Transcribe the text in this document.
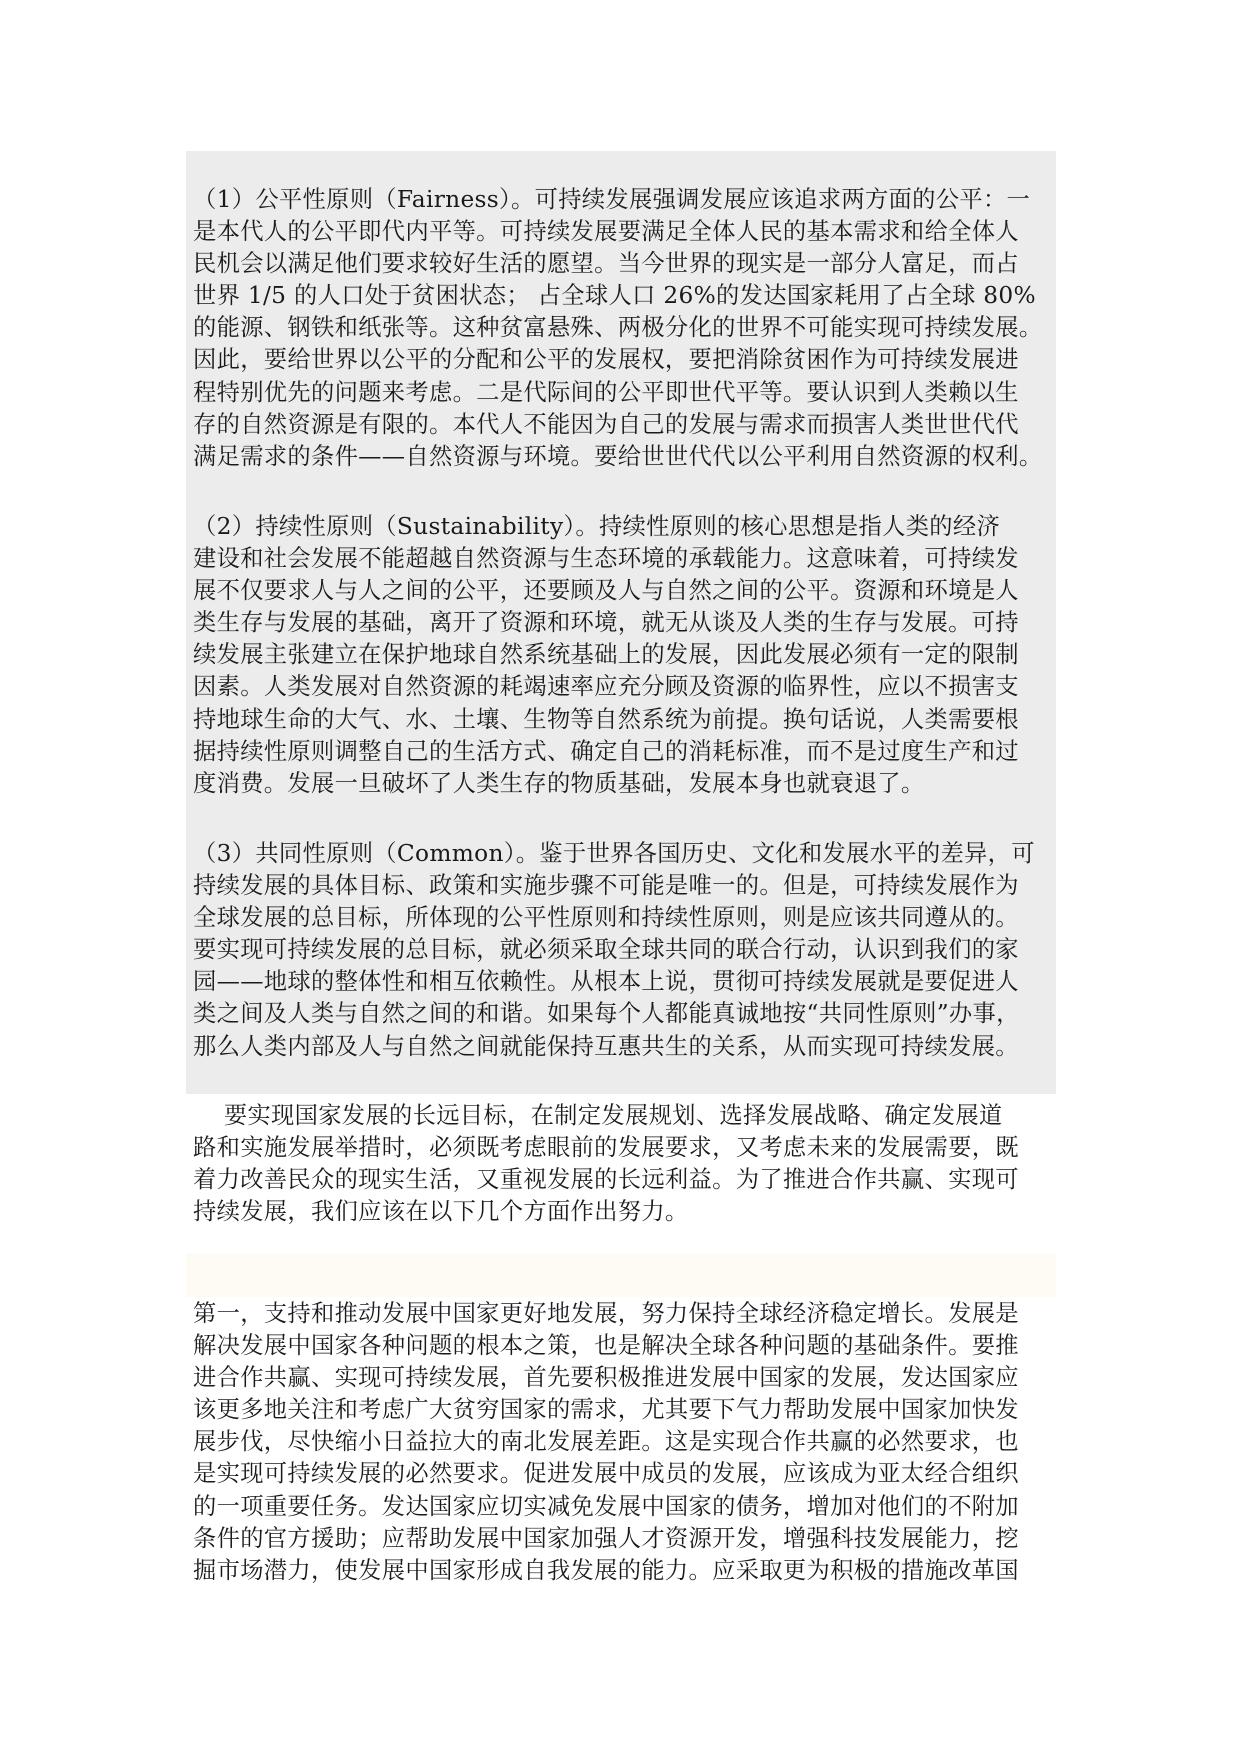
（1）公平性原则（Fairness）。可持续发展强调发展应该追求两方面的公平：一
是本代人的公平即代内平等。可持续发展要满足全体人民的基本需求和给全体人
民机会以满足他们要求较好生活的愿望。当今世界的现实是一部分人富足，而占
世界 1/5 的人口处于贫困状态； 占全球人口 26%的发达国家耗用了占全球 80%
的能源、钢铁和纸张等。这种贫富悬殊、两极分化的世界不可能实现可持续发展。
因此，要给世界以公平的分配和公平的发展权，要把消除贫困作为可持续发展进
程特别优先的问题来考虑。二是代际间的公平即世代平等。要认识到人类赖以生
存的自然资源是有限的。本代人不能因为自己的发展与需求而损害人类世世代代
满足需求的条件——自然资源与环境。要给世世代代以公平利用自然资源的权利。

（2）持续性原则（Sustainability）。持续性原则的核心思想是指人类的经济
建设和社会发展不能超越自然资源与生态环境的承载能力。这意味着，可持续发
展不仅要求人与人之间的公平，还要顾及人与自然之间的公平。资源和环境是人
类生存与发展的基础，离开了资源和环境，就无从谈及人类的生存与发展。可持
续发展主张建立在保护地球自然系统基础上的发展，因此发展必须有一定的限制
因素。人类发展对自然资源的耗竭速率应充分顾及资源的临界性，应以不损害支
持地球生命的大气、水、土壤、生物等自然系统为前提。换句话说，人类需要根
据持续性原则调整自己的生活方式、确定自己的消耗标准，而不是过度生产和过
度消费。发展一旦破坏了人类生存的物质基础，发展本身也就衰退了。

（3）共同性原则（Common）。鉴于世界各国历史、文化和发展水平的差异，可
持续发展的具体目标、政策和实施步骤不可能是唯一的。但是，可持续发展作为
全球发展的总目标，所体现的公平性原则和持续性原则，则是应该共同遵从的。
要实现可持续发展的总目标，就必须采取全球共同的联合行动，认识到我们的家
园——地球的整体性和相互依赖性。从根本上说，贯彻可持续发展就是要促进人
类之间及人类与自然之间的和谐。如果每个人都能真诚地按“共同性原则”办事，
那么人类内部及人与自然之间就能保持互惠共生的关系，从而实现可持续发展。

要实现国家发展的长远目标，在制定发展规划、选择发展战略、确定发展道
路和实施发展举措时，必须既考虑眼前的发展要求，又考虑未来的发展需要，既
着力改善民众的现实生活，又重视发展的长远利益。为了推进合作共赢、实现可
持续发展，我们应该在以下几个方面作出努力。

第一，支持和推动发展中国家更好地发展，努力保持全球经济稳定增长。发展是
解决发展中国家各种问题的根本之策，也是解决全球各种问题的基础条件。要推
进合作共赢、实现可持续发展，首先要积极推进发展中国家的发展，发达国家应
该更多地关注和考虑广大贫穷国家的需求，尤其要下气力帮助发展中国家加快发
展步伐，尽快缩小日益拉大的南北发展差距。这是实现合作共赢的必然要求，也
是实现可持续发展的必然要求。促进发展中成员的发展，应该成为亚太经合组织
的一项重要任务。发达国家应切实减免发展中国家的债务，增加对他们的不附加
条件的官方援助；应帮助发展中国家加强人才资源开发，增强科技发展能力，挖
掘市场潜力，使发展中国家形成自我发展的能力。应采取更为积极的措施改革国
